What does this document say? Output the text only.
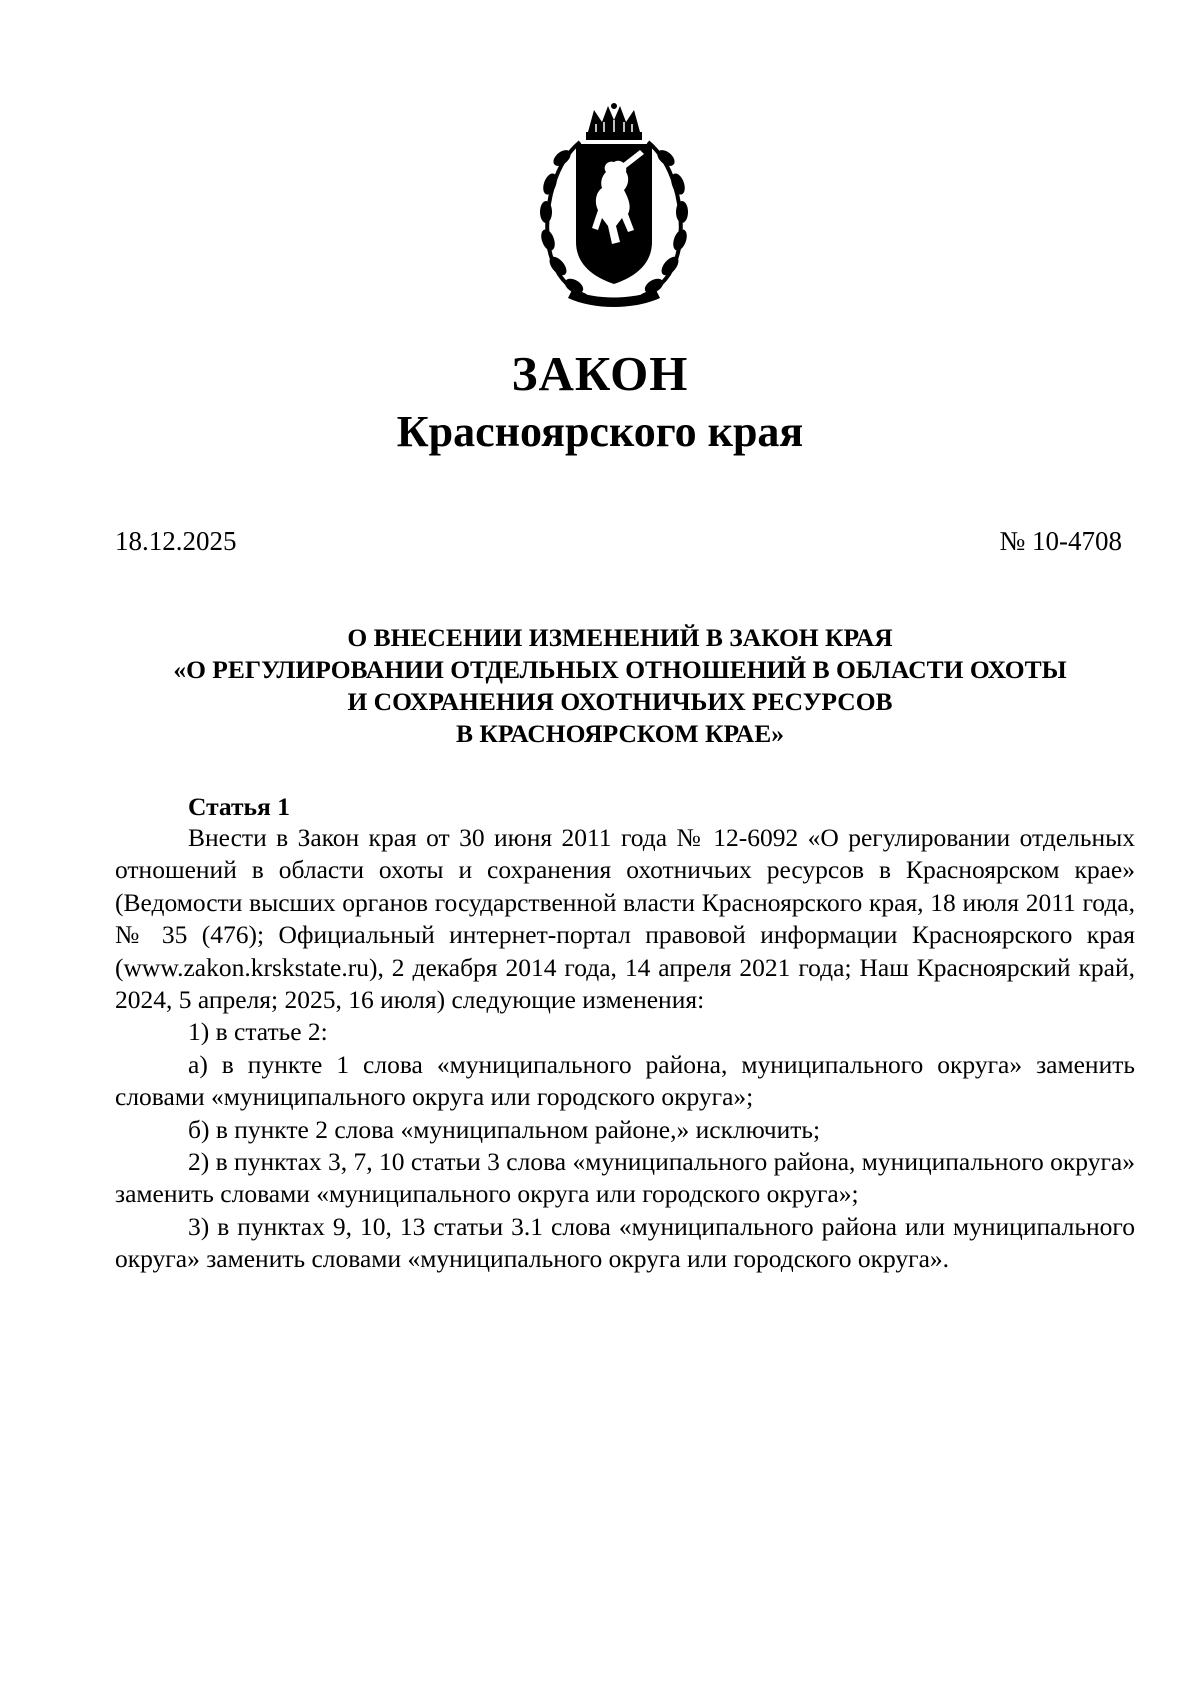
ЗАКОН
Красноярского края
18.12.2025	№ 10-4708
О ВНЕСЕНИИ ИЗМЕНЕНИЙ В ЗАКОН КРАЯ
«О РЕГУЛИРОВАНИИ ОТДЕЛЬНЫХ ОТНОШЕНИЙ В ОБЛАСТИ ОХОТЫ
И СОХРАНЕНИЯ ОХОТНИЧЬИХ РЕСУРСОВ
В КРАСНОЯРСКОМ КРАЕ»
Статья 1

Внести в Закон края от 30 июня 2011 года № 12-6092 «О регулировании отдельных отношений в области охоты и сохранения охотничьих ресурсов в Красноярском крае» (Ведомости высших органов государственной власти Красноярского края, 18 июля 2011 года, № 35 (476); Официальный интернет-портал правовой информации Красноярского края (www.zakon.krskstate.ru), 2 декабря 2014 года, 14 апреля 2021 года; Наш Красноярский край, 2024, 5 апреля; 2025, 16 июля) следующие изменения:

1) в статье 2:

а) в пункте 1 слова «муниципального района, муниципального округа» заменить словами «муниципального округа или городского округа»;

б) в пункте 2 слова «муниципальном районе,» исключить;

2) в пунктах 3, 7, 10 статьи 3 слова «муниципального района, муниципального округа» заменить словами «муниципального округа или городского округа»;

3) в пунктах 9, 10, 13 статьи 3.1 слова «муниципального района или муниципального округа» заменить словами «муниципального округа или городского округа».
